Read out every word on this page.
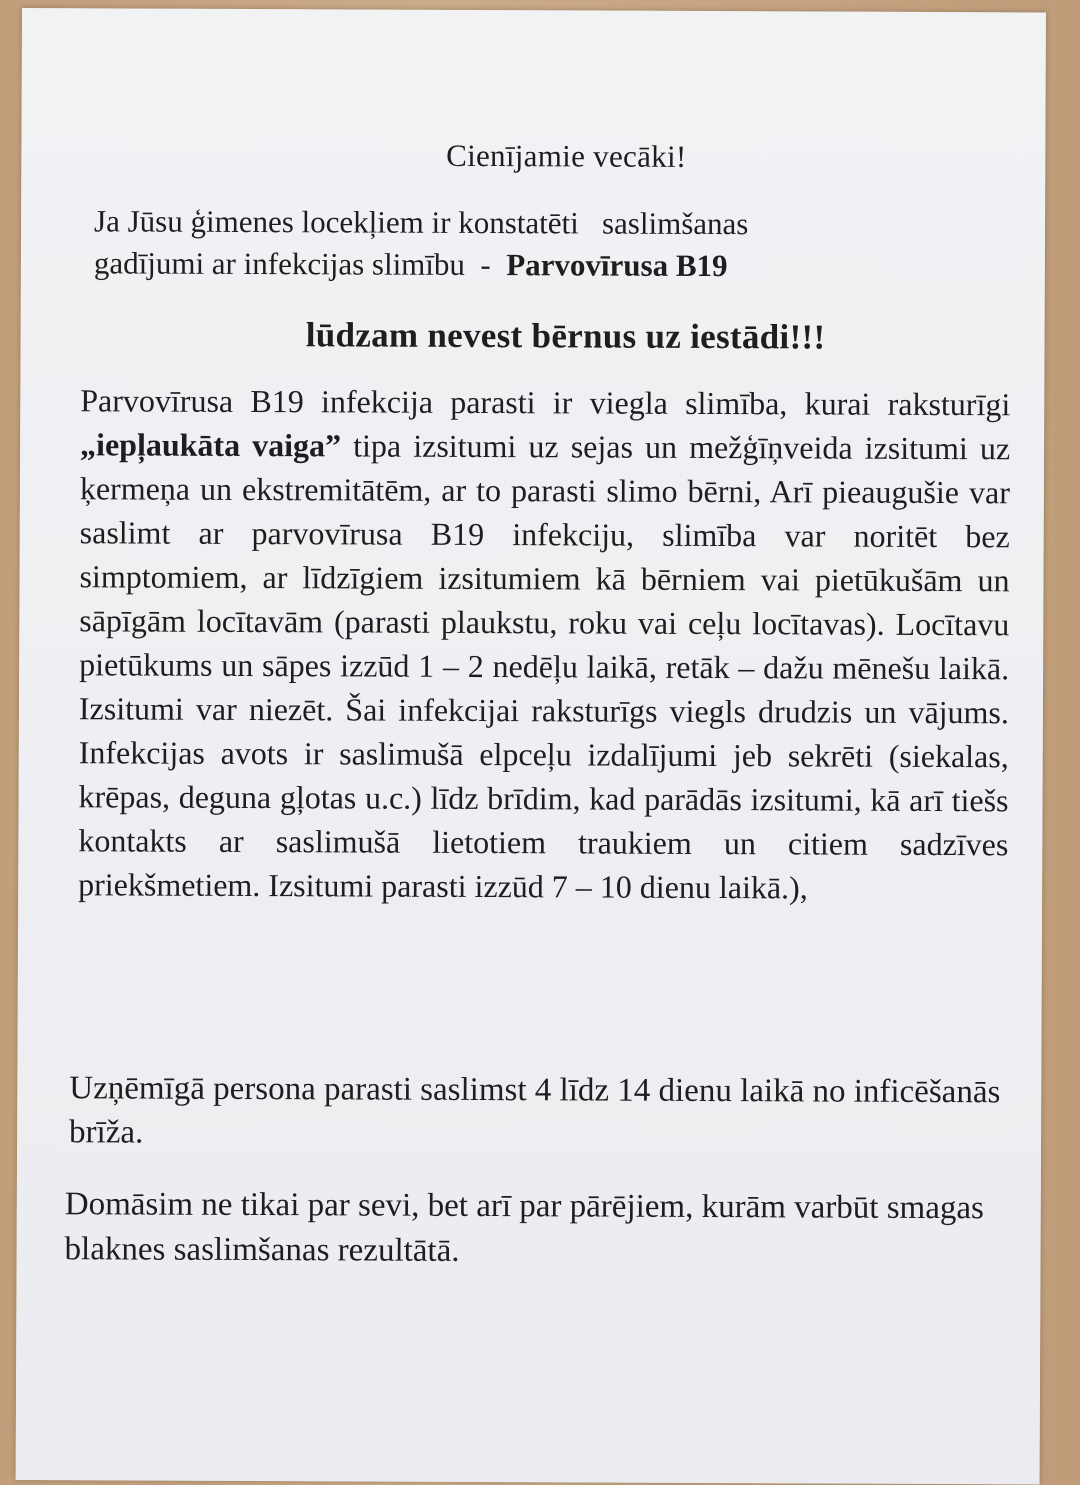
Cienījamie vecāki!
Ja Jūsu ģimenes locekļiem ir konstatēti   saslimšanas
gadījumi ar infekcijas slimību  -  Parvovīrusa B19
lūdzam nevest bērnus uz iestādi!!!
Parvovīrusa B19 infekcija parasti ir viegla slimība, kurai raksturīgi „iepļaukāta vaiga” tipa izsitumi uz sejas un mežģīņveida izsitumi uz ķermeņa un ekstremitātēm, ar to parasti slimo bērni, Arī pieaugušie var saslimt ar parvovīrusa B19 infekciju, slimība var noritēt bez simptomiem, ar līdzīgiem izsitumiem kā bērniem vai pietūkušām un sāpīgām locītavām (parasti plaukstu, roku vai ceļu locītavas). Locītavu pietūkums un sāpes izzūd 1 – 2 nedēļu laikā, retāk – dažu mēnešu laikā. Izsitumi var niezēt. Šai infekcijai raksturīgs viegls drudzis un vājums. Infekcijas avots ir saslimušā elpceļu izdalījumi jeb sekrēti (siekalas, krēpas, deguna gļotas u.c.) līdz brīdim, kad parādās izsitumi, kā arī tiešs kontakts ar saslimušā lietotiem traukiem un citiem sadzīves priekšmetiem. Izsitumi parasti izzūd 7 – 10 dienu laikā.),
Uzņēmīgā persona parasti saslimst 4 līdz 14 dienu laikā no inficēšanās brīža.
Domāsim ne tikai par sevi, bet arī par pārējiem, kurām varbūt smagas blaknes saslimšanas rezultātā.
